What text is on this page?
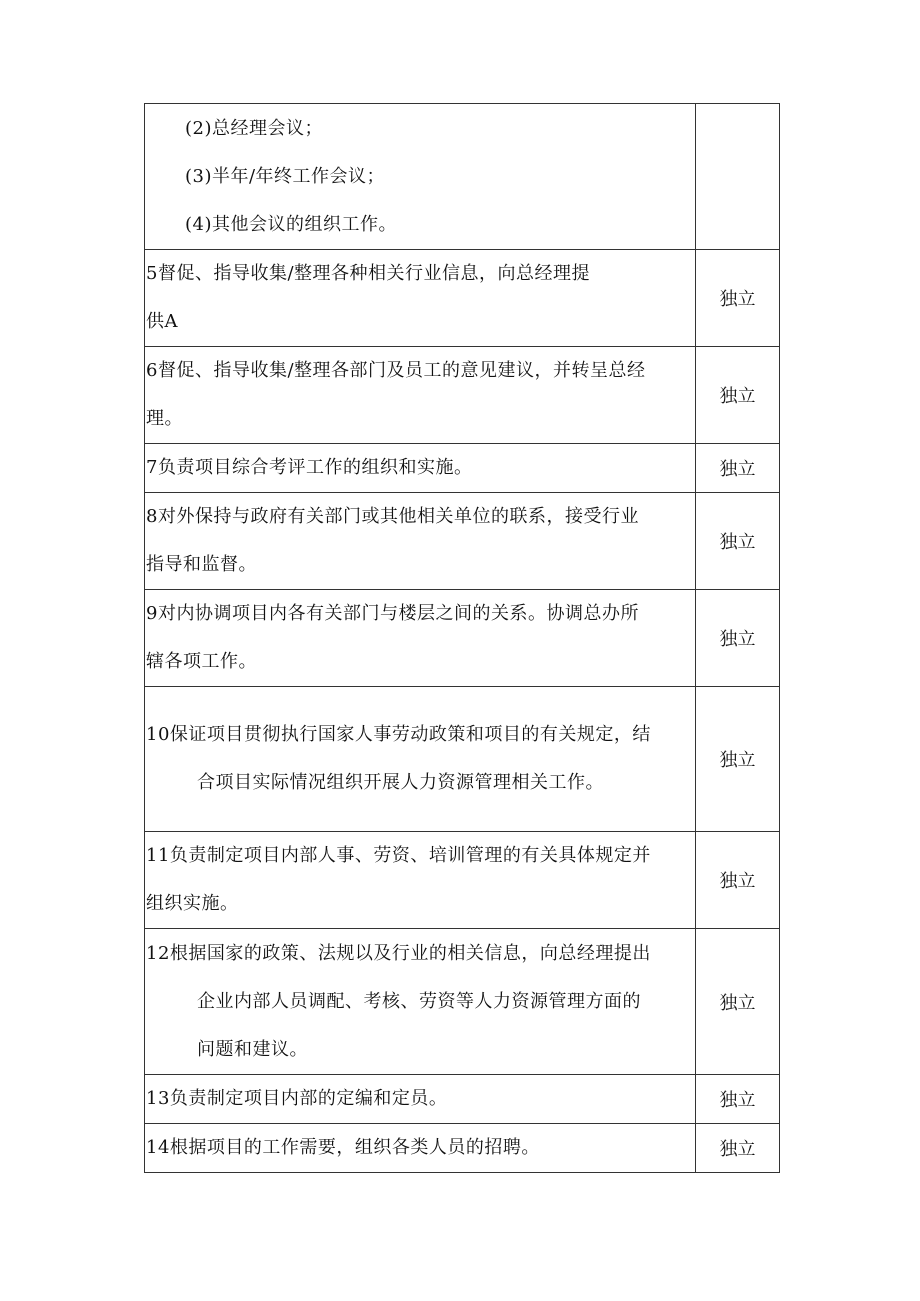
(2)总经理会议；
(3)半年/年终工作会议；
(4)其他会议的组织工作。	

5督促、指导收集/整理各种相关行业信息，向总经理提
供A	独立

6督促、指导收集/整理各部门及员工的意见建议，并转呈总经
理。	独立

7负责项目综合考评工作的组织和实施。	独立

8对外保持与政府有关部门或其他相关单位的联系，接受行业
指导和监督。	独立

9对内协调项目内各有关部门与楼层之间的关系。协调总办所
辖各项工作。	独立

10保证项目贯彻执行国家人事劳动政策和项目的有关规定，结
合项目实际情况组织开展人力资源管理相关工作。	独立

11负责制定项目内部人事、劳资、培训管理的有关具体规定并
组织实施。	独立

12根据国家的政策、法规以及行业的相关信息，向总经理提出
企业内部人员调配、考核、劳资等人力资源管理方面的
问题和建议。	独立

13负责制定项目内部的定编和定员。	独立

14根据项目的工作需要，组织各类人员的招聘。	独立
